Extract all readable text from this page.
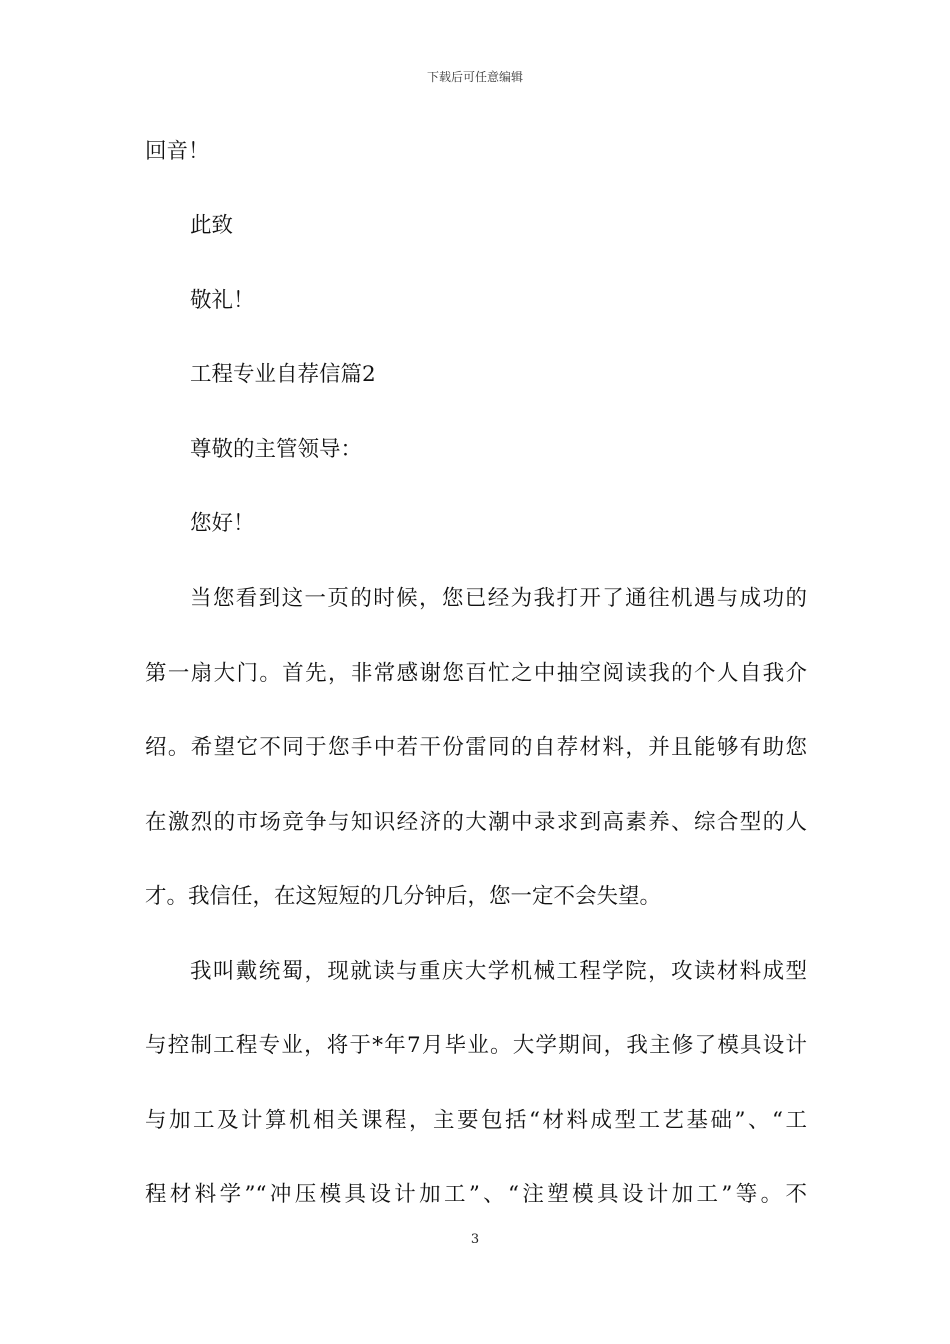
下载后可任意编辑
回音！
此致
敬礼！
工程专业自荐信篇2
尊敬的主管领导：
您好！
当您看到这一页的时候，您已经为我打开了通往机遇与成功的
第一扇大门。首先，非常感谢您百忙之中抽空阅读我的个人自我介
绍。希望它不同于您手中若干份雷同的自荐材料，并且能够有助您
在激烈的市场竞争与知识经济的大潮中录求到高素养、综合型的人
才。我信任，在这短短的几分钟后，您一定不会失望。
我叫戴统蜀，现就读与重庆大学机械工程学院，攻读材料成型
与控制工程专业，将于*年7月毕业。大学期间，我主修了模具设计
与加工及计算机相关课程，主要包括“材料成型工艺基础”、“工
程材料学”“冲压模具设计加工”、“注塑模具设计加工”等。不
3
